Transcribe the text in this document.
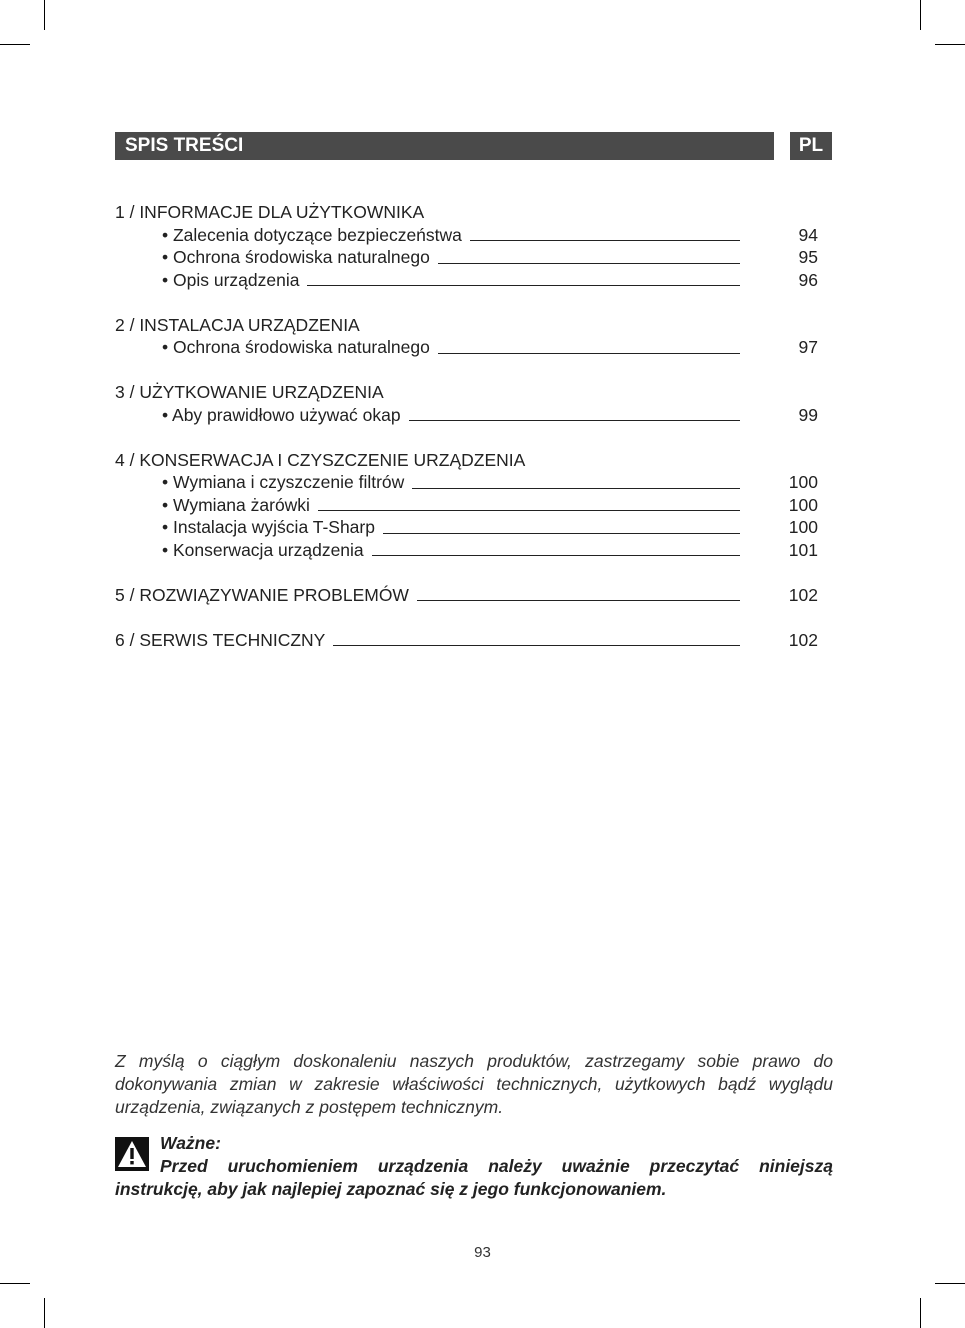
SPIS TREŚCI	PL
1 / INFORMACJE DLA UŻYTKOWNIKA
• Zalecenia dotyczące bezpieczeństwa	94
• Ochrona środowiska naturalnego	95
• Opis urządzenia	96
2 / INSTALACJA URZĄDZENIA
• Ochrona środowiska naturalnego	97
3 / UŻYTKOWANIE URZĄDZENIA
• Aby prawidłowo używać okap	99
4 / KONSERWACJA I CZYSZCZENIE URZĄDZENIA
• Wymiana i czyszczenie filtrów	100
• Wymiana żarówki	100
• Instalacja wyjścia T-Sharp	100
• Konserwacja urządzenia	101
5 / ROZWIĄZYWANIE PROBLEMÓW	102
6 / SERWIS TECHNICZNY	102
Z myślą o ciągłym doskonaleniu naszych produktów, zastrzegamy sobie prawo do dokonywania zmian w zakresie właściwości technicznych, użytkowych bądź wyglądu urządzenia, związanych z postępem technicznym.
Ważne:
Przed uruchomieniem urządzenia należy uważnie przeczytać niniejszą instrukcję, aby jak najlepiej zapoznać się z jego funkcjonowaniem.
93
